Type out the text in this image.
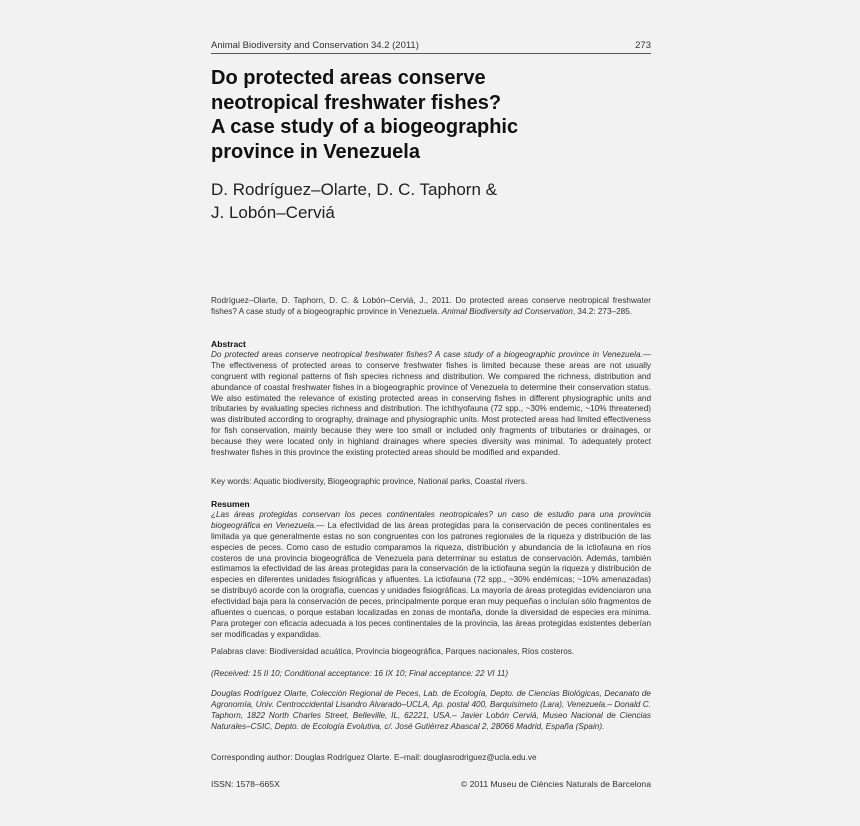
Animal Biodiversity and Conservation 34.2 (2011)	273
Do protected areas conserve
neotropical freshwater fishes?
A case study of a biogeographic
province in Venezuela
D. Rodríguez–Olarte, D. C. Taphorn &
J. Lobón–Cerviá
Rodríguez–Olarte, D. Taphorn, D. C. & Lobón–Cerviá, J., 2011. Do protected areas conserve neotropical freshwater fishes? A case study of a biogeographic province in Venezuela. Animal Biodiversity ad Conservation, 34.2: 273–285.
Abstract
Do protected areas conserve neotropical freshwater fishes? A case study of a biogeographic province in Venezuela.— The effectiveness of protected areas to conserve freshwater fishes is limited because these areas are not usually congruent with regional patterns of fish species richness and distribution. We compared the richness, distribution and abundance of coastal freshwater fishes in a biogeographic province of Venezuela to determine their conservation status. We also estimated the relevance of existing protected areas in conserving fishes in different physiographic units and tributaries by evaluating species richness and distribution. The ichthyofauna (72 spp., ~30% endemic, ~10% threatened) was distributed according to orography, drainage and physiographic units. Most protected areas had limited effectiveness for fish conservation, mainly because they were too small or included only fragments of tributaries or drainages, or because they were located only in highland drainages where species diversity was minimal. To adequately protect freshwater fishes in this province the existing protected areas should be modified and expanded.
Key words: Aquatic biodiversity, Biogeographic province, National parks, Coastal rivers.
Resumen
¿Las áreas protegidas conservan los peces continentales neotropicales? un caso de estudio para una provincia biogeográfica en Venezuela.— La efectividad de las áreas protegidas para la conservación de peces continentales es limitada ya que generalmente estas no son congruentes con los patrones regionales de la riqueza y distribución de las especies de peces. Como caso de estudio comparamos la riqueza, distribución y abundancia de la ictiofauna en ríos costeros de una provincia biogeográfica de Venezuela para determinar su estatus de conservación. Además, también estimamos la efectividad de las áreas protegidas para la conservación de la ictiofauna según la riqueza y distribución de especies en diferentes unidades fisiográficas y afluentes. La ictiofauna (72 spp., ~30% endémicas; ~10% amenazadas) se distribuyó acorde con la orografía, cuencas y unidades fisiográficas. La mayoría de áreas protegidas evidenciaron una efectividad baja para la conservación de peces, principalmente porque eran muy pequeñas o incluían sólo fragmentos de afluentes o cuencas, o porque estaban localizadas en zonas de montaña, donde la diversidad de especies era mínima. Para proteger con eficacia adecuada a los peces continentales de la provincia, las áreas protegidas existentes deberían ser modificadas y expandidas.
Palabras clave: Biodiversidad acuática, Provincia biogeográfica, Parques nacionales, Ríos costeros.
(Received: 15 II 10; Conditional acceptance: 16 IX 10; Final acceptance: 22 VI 11)
Douglas Rodríguez Olarte, Colección Regional de Peces, Lab. de Ecología, Depto. de Ciencias Biológicas, Decanato de Agronomía, Univ. Centroccidental Lisandro Alvarado–UCLA, Ap. postal 400, Barquisimeto (Lara), Venezuela.– Donald C. Taphorn, 1822 North Charles Street, Belleville, IL, 62221, USA.– Javier Lobón Cerviá, Museo Nacional de Ciencias Naturales–CSIC, Depto. de Ecología Evolutiva, c/. José Gutiérrez Abascal 2, 28066 Madrid, España (Spain).
Corresponding author: Douglas Rodríguez Olarte. E–mail: douglasrodriguez@ucla.edu.ve
ISSN: 1578–665X	© 2011 Museu de Ciències Naturals de Barcelona
